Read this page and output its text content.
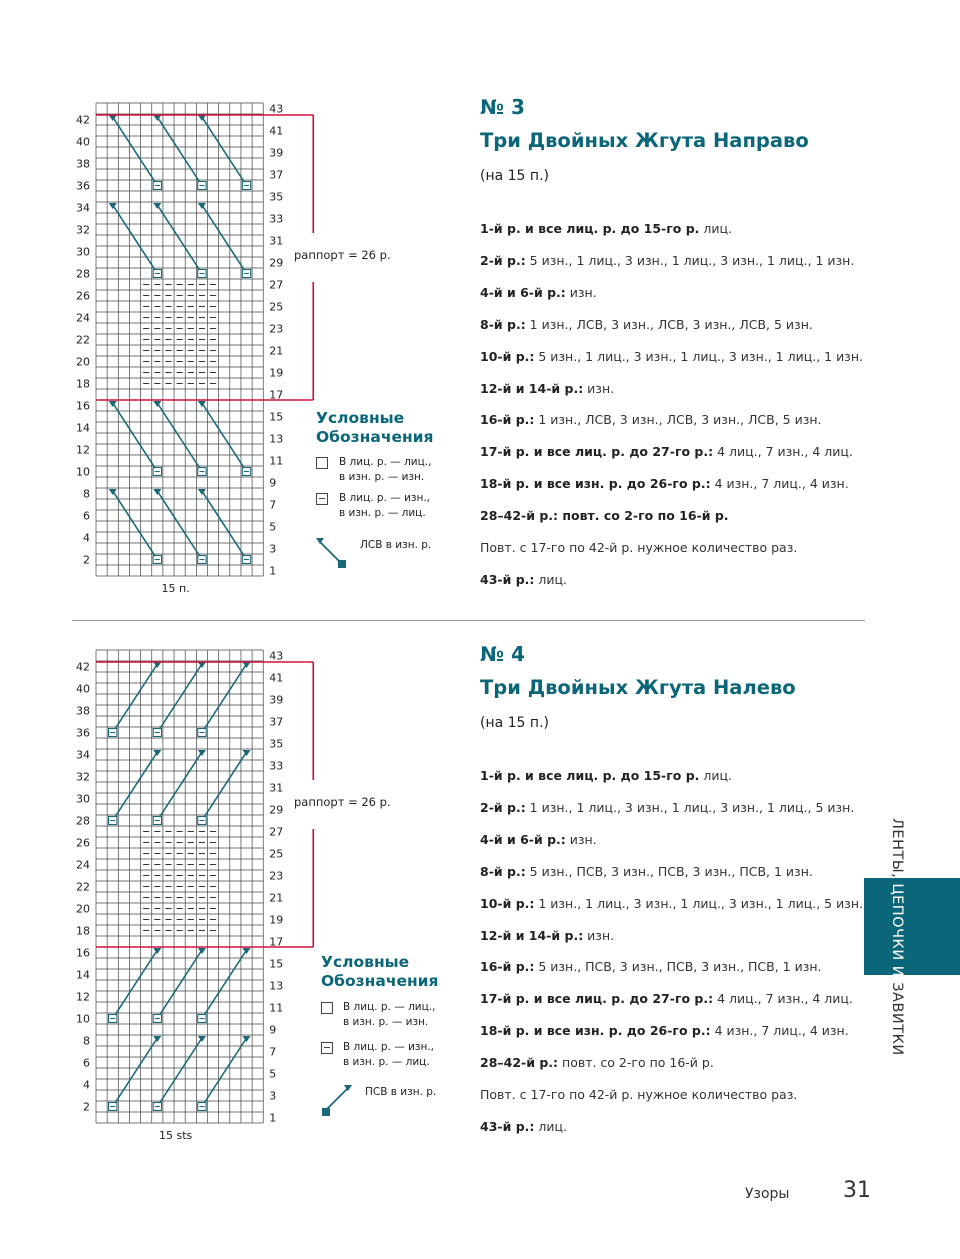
42
40
38
36
34
32
30
28
26
24
22
20
18
16
14
12
10
8
6
4
2
43
41
39
37
35
33
31
29
27
25
23
21
19
17
15
13
11
9
7
5
3
1
15 п.
раппорт = 26 р.
Условные
Обозначения
В лиц. р. — лиц.,
в изн. р. — изн.
В лиц. р. — изн.,
в изн. р. — лиц.
ЛСВ в изн. р.
№ 3
Три Двойных Жгута Направо
(на 15 п.)
1-й р. и все лиц. р. до 15-го р. лиц.
2-й р.: 5 изн., 1 лиц., 3 изн., 1 лиц., 3 изн., 1 лиц., 1 изн.
4-й и 6-й р.: изн.
8-й р.: 1 изн., ЛСВ, 3 изн., ЛСВ, 3 изн., ЛСВ, 5 изн.
10-й р.: 5 изн., 1 лиц., 3 изн., 1 лиц., 3 изн., 1 лиц., 1 изн.
12-й и 14-й р.: изн.
16-й р.: 1 изн., ЛСВ, 3 изн., ЛСВ, 3 изн., ЛСВ, 5 изн.
17-й р. и все лиц. р. до 27-го р.: 4 лиц., 7 изн., 4 лиц.
18-й р. и все изн. р. до 26-го р.: 4 изн., 7 лиц., 4 изн.
28–42-й р.: повт. со 2-го по 16-й р.
Повт. с 17-го по 42-й р. нужное количество раз.
43-й р.: лиц.
42
40
38
36
34
32
30
28
26
24
22
20
18
16
14
12
10
8
6
4
2
43
41
39
37
35
33
31
29
27
25
23
21
19
17
15
13
11
9
7
5
3
1
15 sts
раппорт = 26 р.
Условные
Обозначения
В лиц. р. — лиц.,
в изн. р. — изн.
В лиц. р. — изн.,
в изн. р. — лиц.
ПСВ в изн. р.
№ 4
Три Двойных Жгута Налево
(на 15 п.)
1-й р. и все лиц. р. до 15-го р. лиц.
2-й р.: 1 изн., 1 лиц., 3 изн., 1 лиц., 3 изн., 1 лиц., 5 изн.
4-й и 6-й р.: изн.
8-й р.: 5 изн., ПСВ, 3 изн., ПСВ, 3 изн., ПСВ, 1 изн.
10-й р.: 1 изн., 1 лиц., 3 изн., 1 лиц., 3 изн., 1 лиц., 5 изн.
12-й и 14-й р.: изн.
16-й р.: 5 изн., ПСВ, 3 изн., ПСВ, 3 изн., ПСВ, 1 изн.
17-й р. и все лиц. р. до 27-го р.: 4 лиц., 7 изн., 4 лиц.
18-й р. и все изн. р. до 26-го р.: 4 изн., 7 лиц., 4 изн.
28–42-й р.: повт. со 2-го по 16-й р.
Повт. с 17-го по 42-й р. нужное количество раз.
43-й р.: лиц.
ЛЕНТЫ, ЦЕПОЧКИ И ЗАВИТКИ
Узоры 31
